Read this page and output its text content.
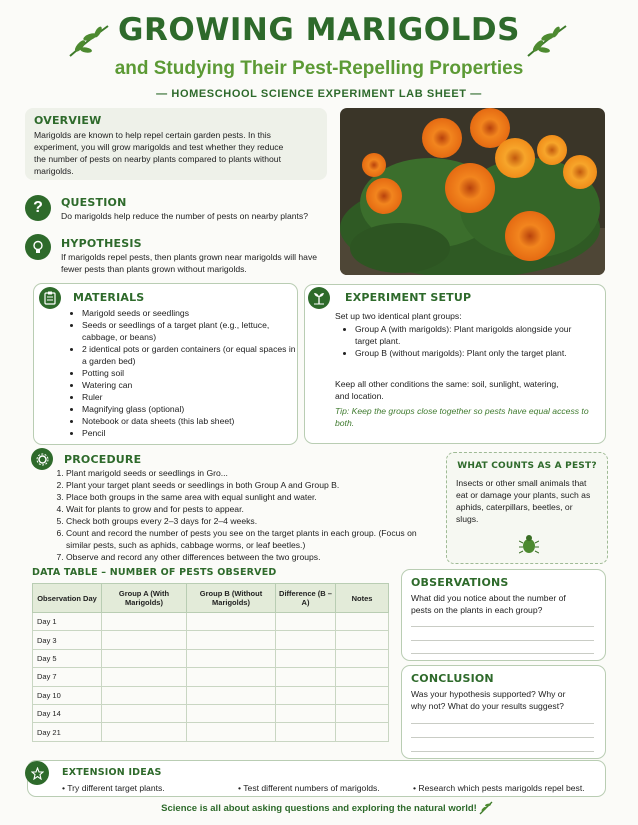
GROWING MARIGOLDS
and Studying Their Pest-Repelling Properties
— HOMESCHOOL SCIENCE EXPERIMENT LAB SHEET —
OVERVIEW
Marigolds are known to help repel certain garden pests. In this experiment, you will grow marigolds and test whether they reduce the number of pests on nearby plants compared to plants without marigolds.
? QUESTION
Do marigolds help reduce the number of pests on nearby plants?
HYPOTHESIS
If marigolds repel pests, then plants grown near marigolds will have fewer pests than plants grown without marigolds.
MATERIALS
• Marigold seeds or seedlings
• Seeds or seedlings of a target plant (e.g., lettuce, cabbage, or beans)
• 2 identical pots or garden containers (or equal spaces in a garden bed)
• Potting soil
• Watering can
• Ruler
• Magnifying glass (optional)
• Notebook or data sheets (this lab sheet)
• Pencil
EXPERIMENT SETUP
Set up two identical plant groups:
• Group A (with marigolds): Plant marigolds alongside your target plant.
• Group B (without marigolds): Plant only the target plant.
Keep all other conditions the same: soil, sunlight, watering, and location.
Tip: Keep the groups close together so pests have equal access to both.
PROCEDURE
1. Plant marigold seeds or seedlings in Gro...
2. Plant your target plant seeds or seedlings in both Group A and Group B.
3. Place both groups in the same area with equal sunlight and water.
4. Wait for plants to grow and for pests to appear.
5. Check both groups every 2–3 days for 2–4 weeks.
6. Count and record the number of pests you see on the target plants in each group. (Focus on similar pests, such as aphids, cabbage worms, or leaf beetles.)
7. Observe and record any other differences between the two groups.
WHAT COUNTS AS A PEST?
Insects or other small animals that eat or damage your plants, such as aphids, caterpillars, beetles, or slugs.
DATA TABLE – NUMBER OF PESTS OBSERVED
Observation Day	Group A (With Marigolds)	Group B (Without Marigolds)	Difference (B – A)	Notes
Day 1				
Day 3				
Day 5				
Day 7				
Day 10				
Day 14				
Day 21				
OBSERVATIONS
What did you notice about the number of pests on the plants in each group?
CONCLUSION
Was your hypothesis supported? Why or why not? What do your results suggest?
EXTENSION IDEAS
• Try different target plants.	• Test different numbers of marigolds.	• Research which pests marigolds repel best.
Science is all about asking questions and exploring the natural world!
